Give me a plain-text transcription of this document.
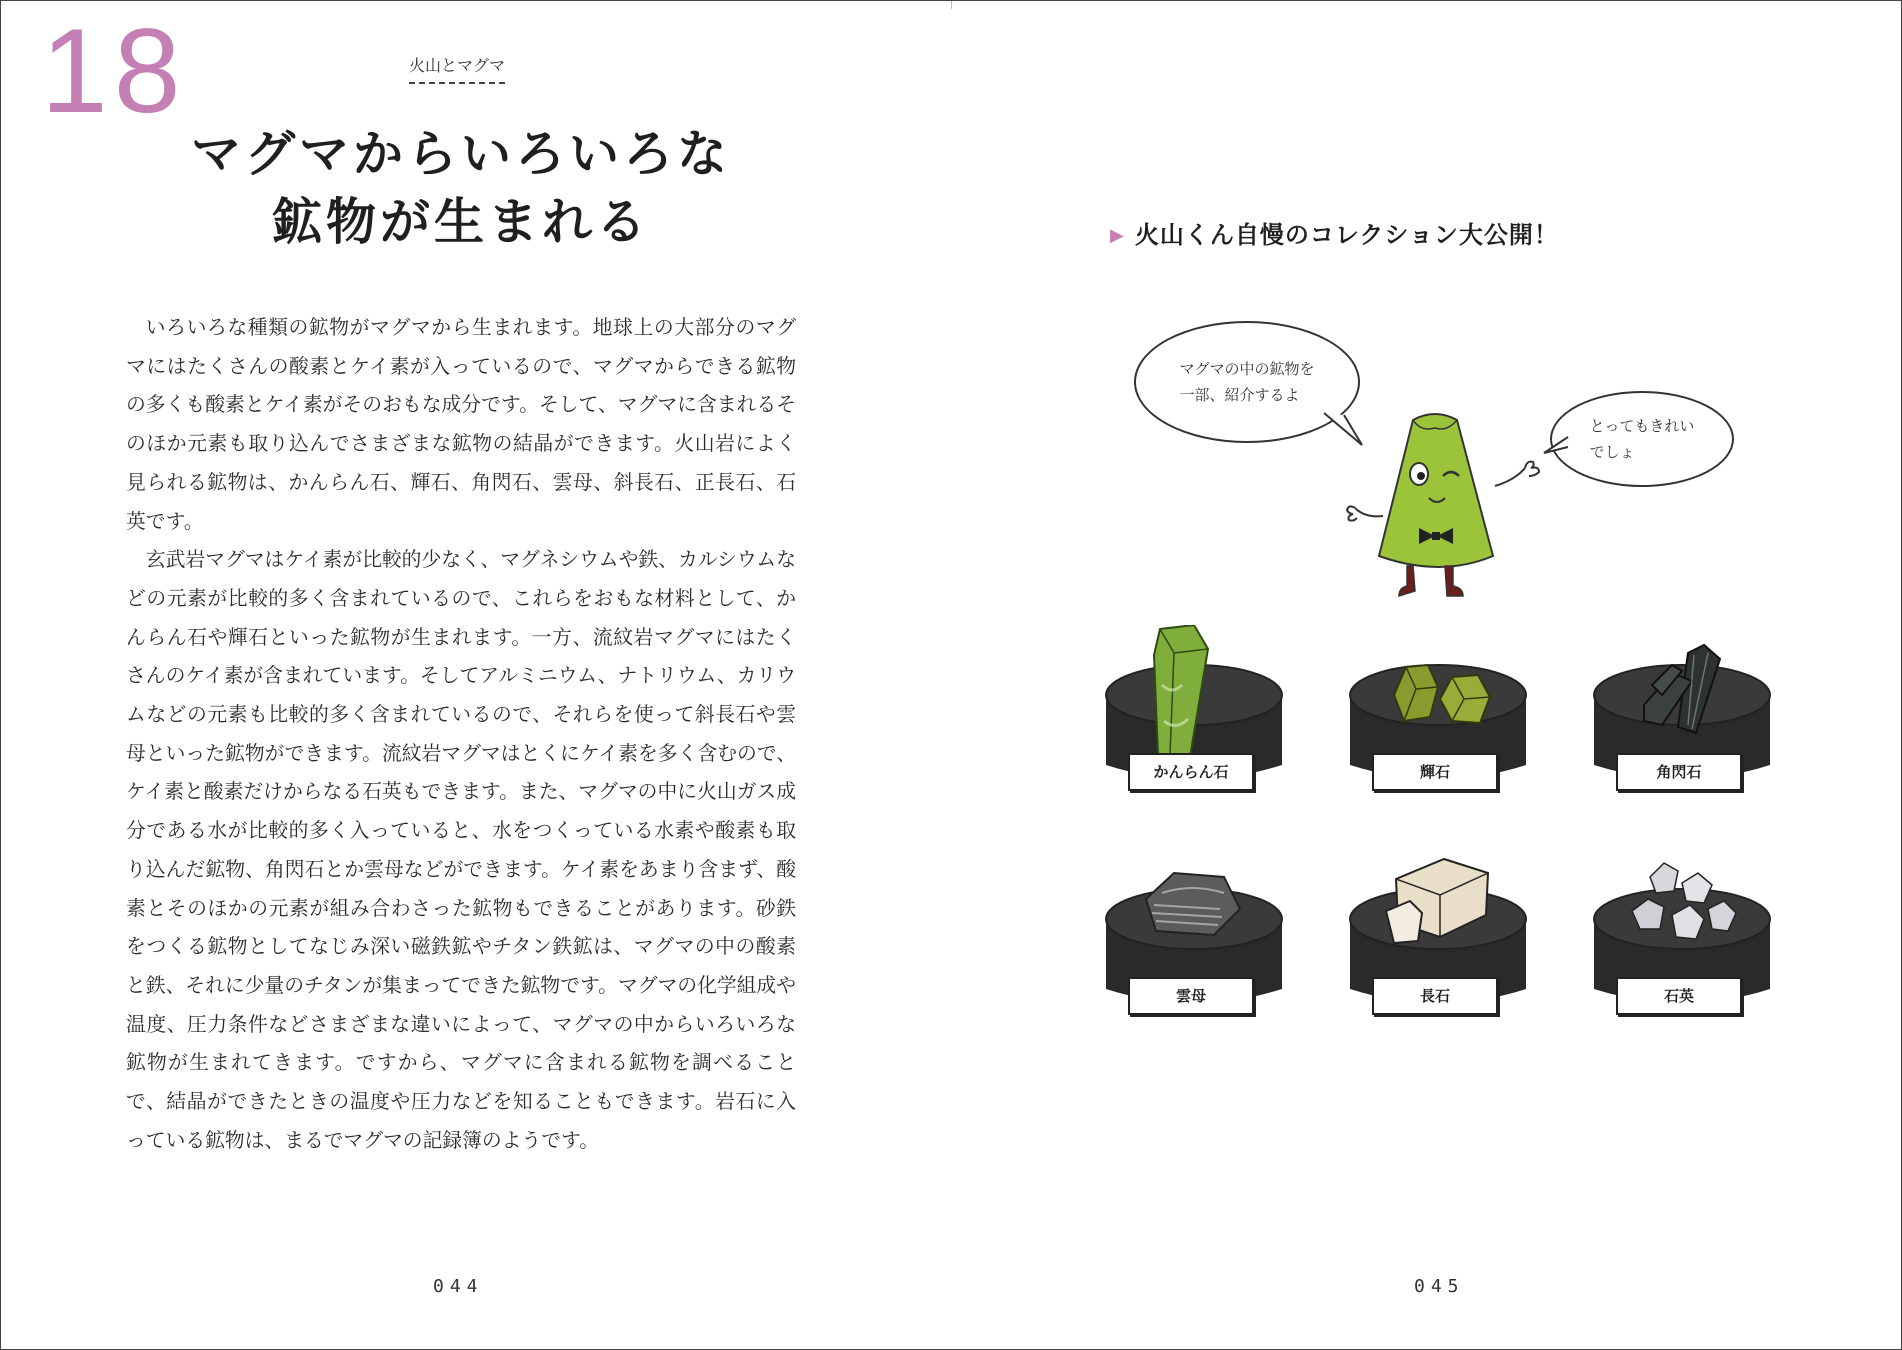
18	火山とマグマ
マグマからいろいろな
鉱物が生まれる

いろいろな種類の鉱物がマグマから生まれます。地球上の大部分のマグマにはたくさんの酸素とケイ素が入っているので、マグマからできる鉱物の多くも酸素とケイ素がそのおもな成分です。そして、マグマに含まれるそのほか元素も取り込んでさまざまな鉱物の結晶ができます。火山岩によく見られる鉱物は、かんらん石、輝石、角閃石、雲母、斜長石、正長石、石英です。

玄武岩マグマはケイ素が比較的少なく、マグネシウムや鉄、カルシウムなどの元素が比較的多く含まれているので、これらをおもな材料として、かんらん石や輝石といった鉱物が生まれます。一方、流紋岩マグマにはたくさんのケイ素が含まれています。そしてアルミニウム、ナトリウム、カリウムなどの元素も比較的多く含まれているので、それらを使って斜長石や雲母といった鉱物ができます。流紋岩マグマはとくにケイ素を多く含むので、ケイ素と酸素だけからなる石英もできます。また、マグマの中に火山ガス成分である水が比較的多く入っていると、水をつくっている水素や酸素も取り込んだ鉱物、角閃石とか雲母などができます。ケイ素をあまり含まず、酸素とそのほかの元素が組み合わさった鉱物もできることがあります。砂鉄をつくる鉱物としてなじみ深い磁鉄鉱やチタン鉄鉱は、マグマの中の酸素と鉄、それに少量のチタンが集まってできた鉱物です。マグマの化学組成や温度、圧力条件などさまざまな違いによって、マグマの中からいろいろな鉱物が生まれてきます。ですから、マグマに含まれる鉱物を調べることで、結晶ができたときの温度や圧力などを知ることもできます。岩石に入っている鉱物は、まるでマグマの記録簿のようです。

044
▶ 火山くん自慢のコレクション大公開！
マグマの中の鉱物を
一部、紹介するよ
とってもきれい
でしょ
かんらん石	輝石	角閃石
雲母	長石	石英
045
